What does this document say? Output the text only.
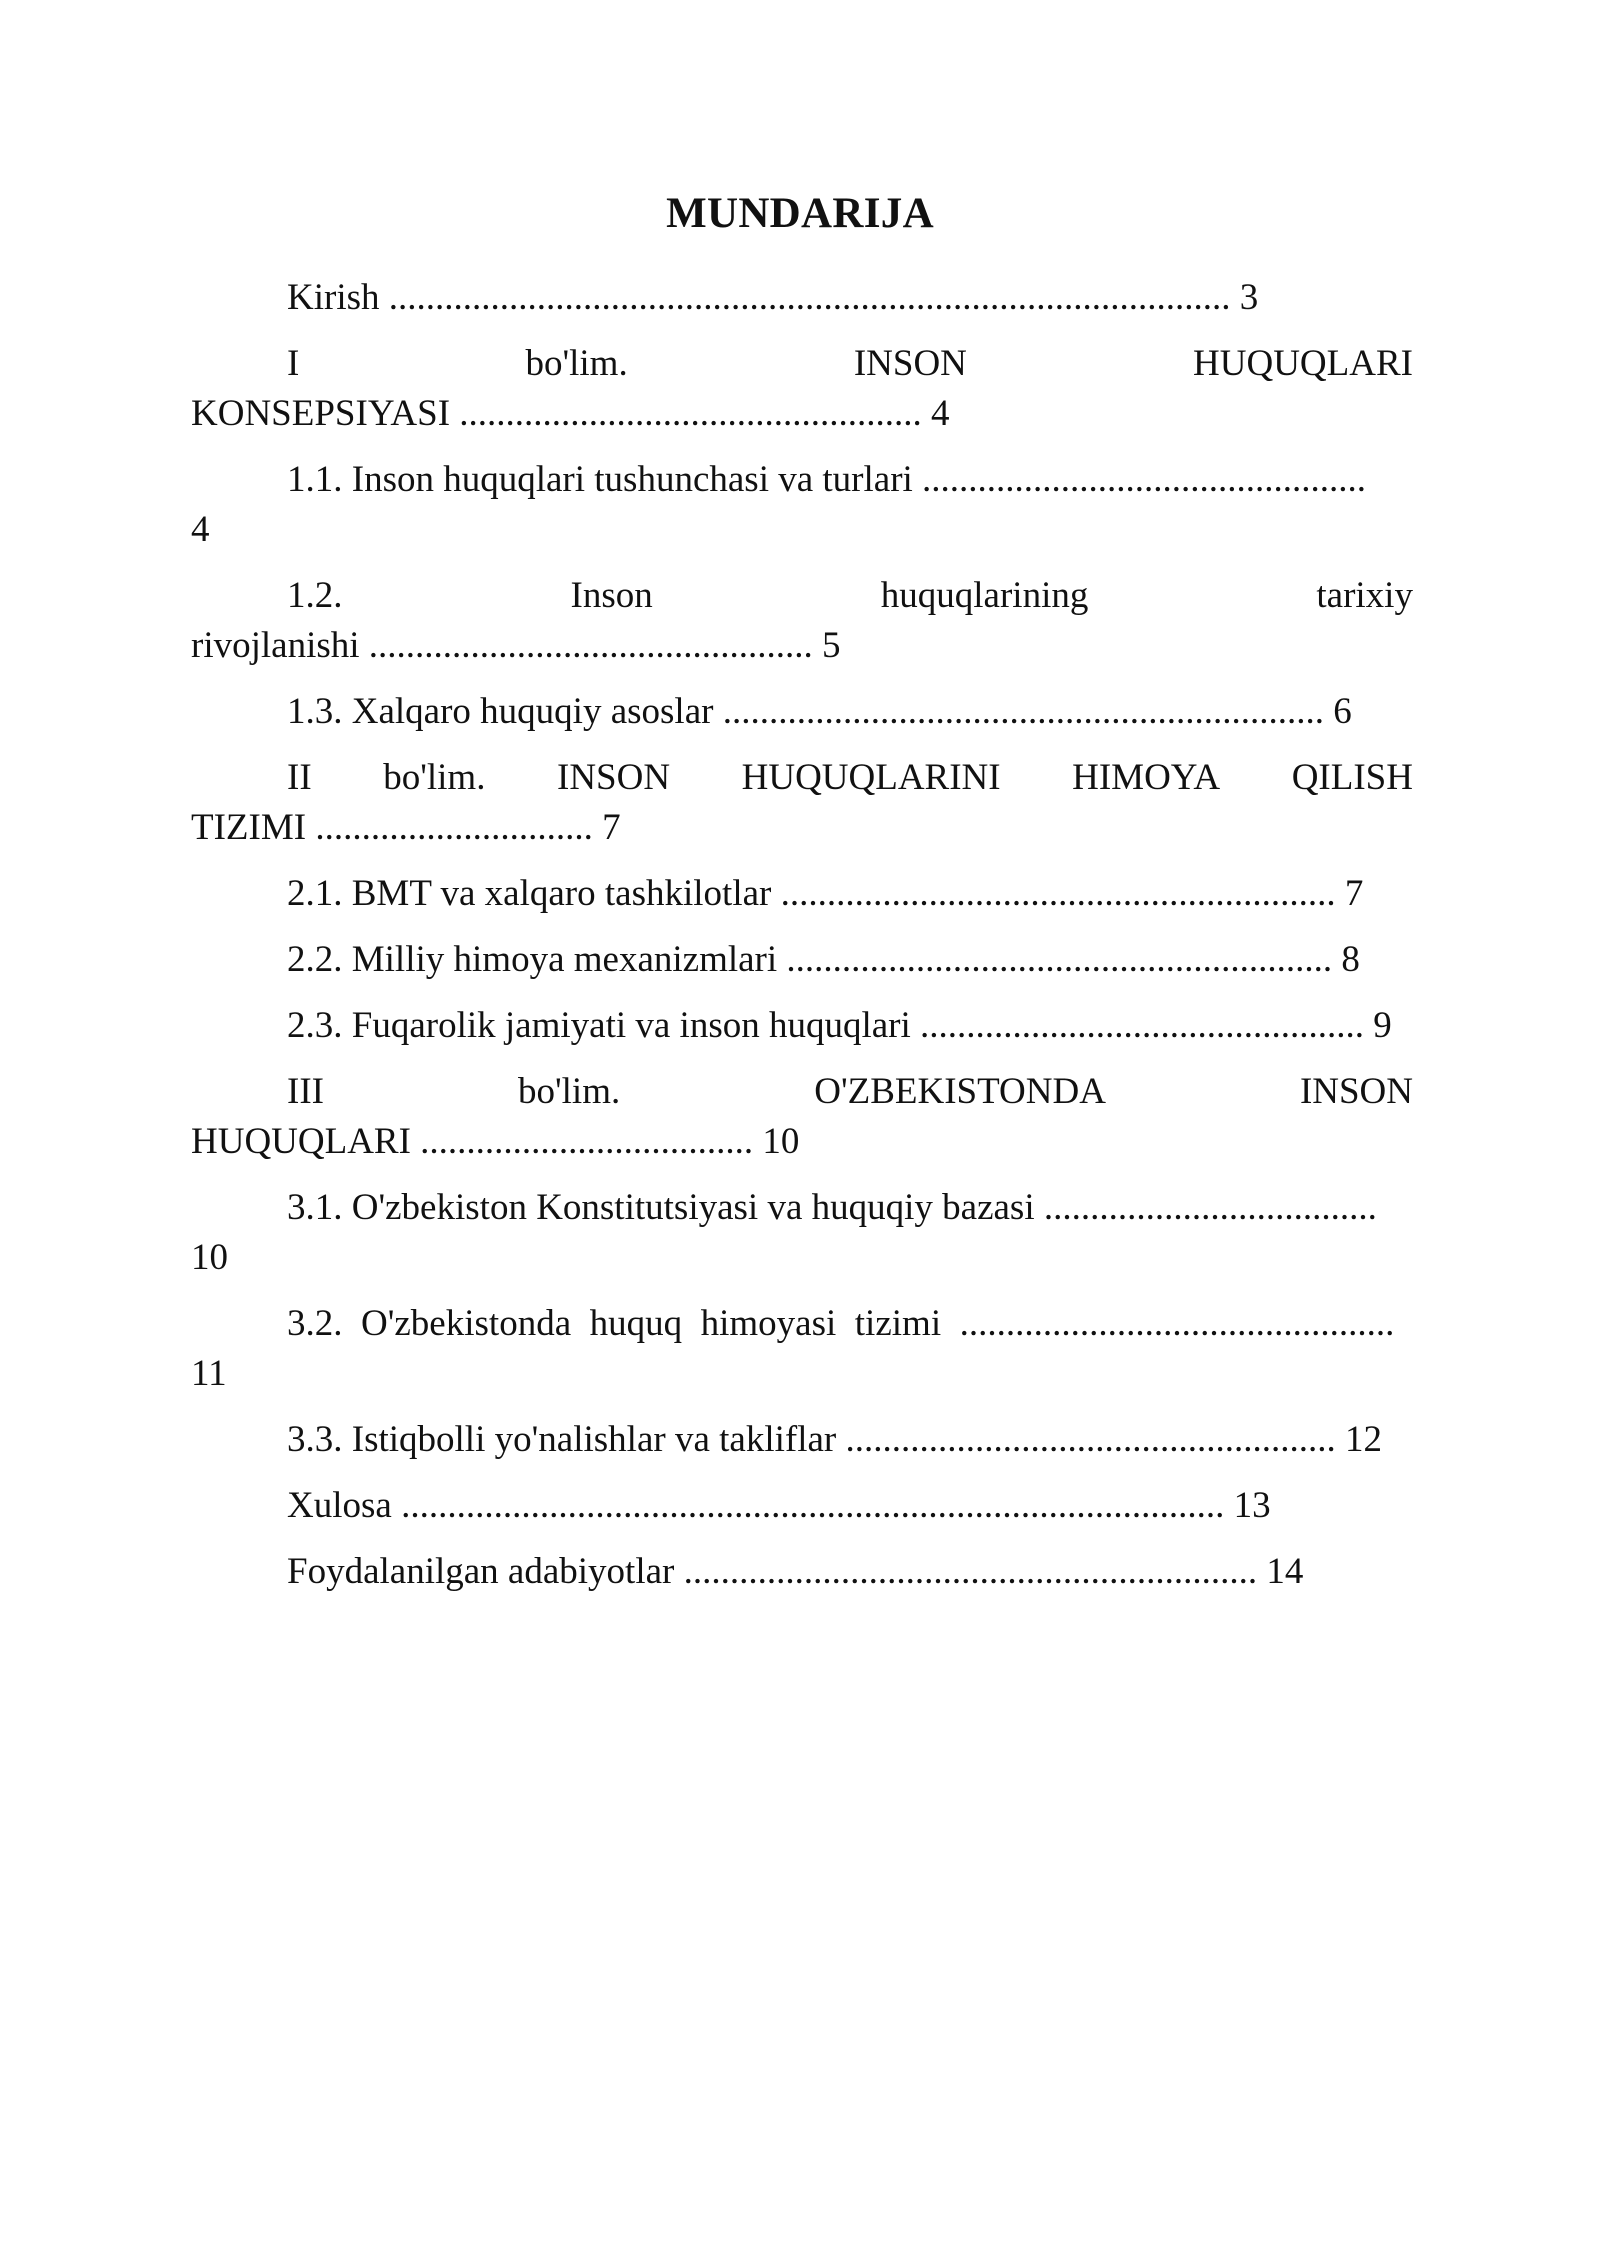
MUNDARIJA
Kirish ........................................................................................... 3
I	bo'lim.	INSON	HUQUQLARI
KONSEPSIYASI .................................................. 4
1.1. Inson huquqlari tushunchasi va turlari ................................................
4
1.2.	Inson	huquqlarining	tarixiy
rivojlanishi ................................................ 5
1.3. Xalqaro huquqiy asoslar ................................................................. 6
II bo'lim. INSON HUQUQLARINI HIMOYA QILISH
TIZIMI .............................. 7
2.1. BMT va xalqaro tashkilotlar ............................................................ 7
2.2. Milliy himoya mexanizmlari ........................................................... 8
2.3. Fuqarolik jamiyati va inson huquqlari ................................................ 9
III	bo'lim.	O'ZBEKISTONDA	INSON
HUQUQLARI .................................... 10
3.1. O'zbekiston Konstitutsiyasi va huquqiy bazasi ....................................
10
3.2.  O'zbekistonda  huquq  himoyasi  tizimi  ...............................................
11
3.3. Istiqbolli yo'nalishlar va takliflar ..................................................... 12
Xulosa ......................................................................................... 13
Foydalanilgan adabiyotlar .............................................................. 14
